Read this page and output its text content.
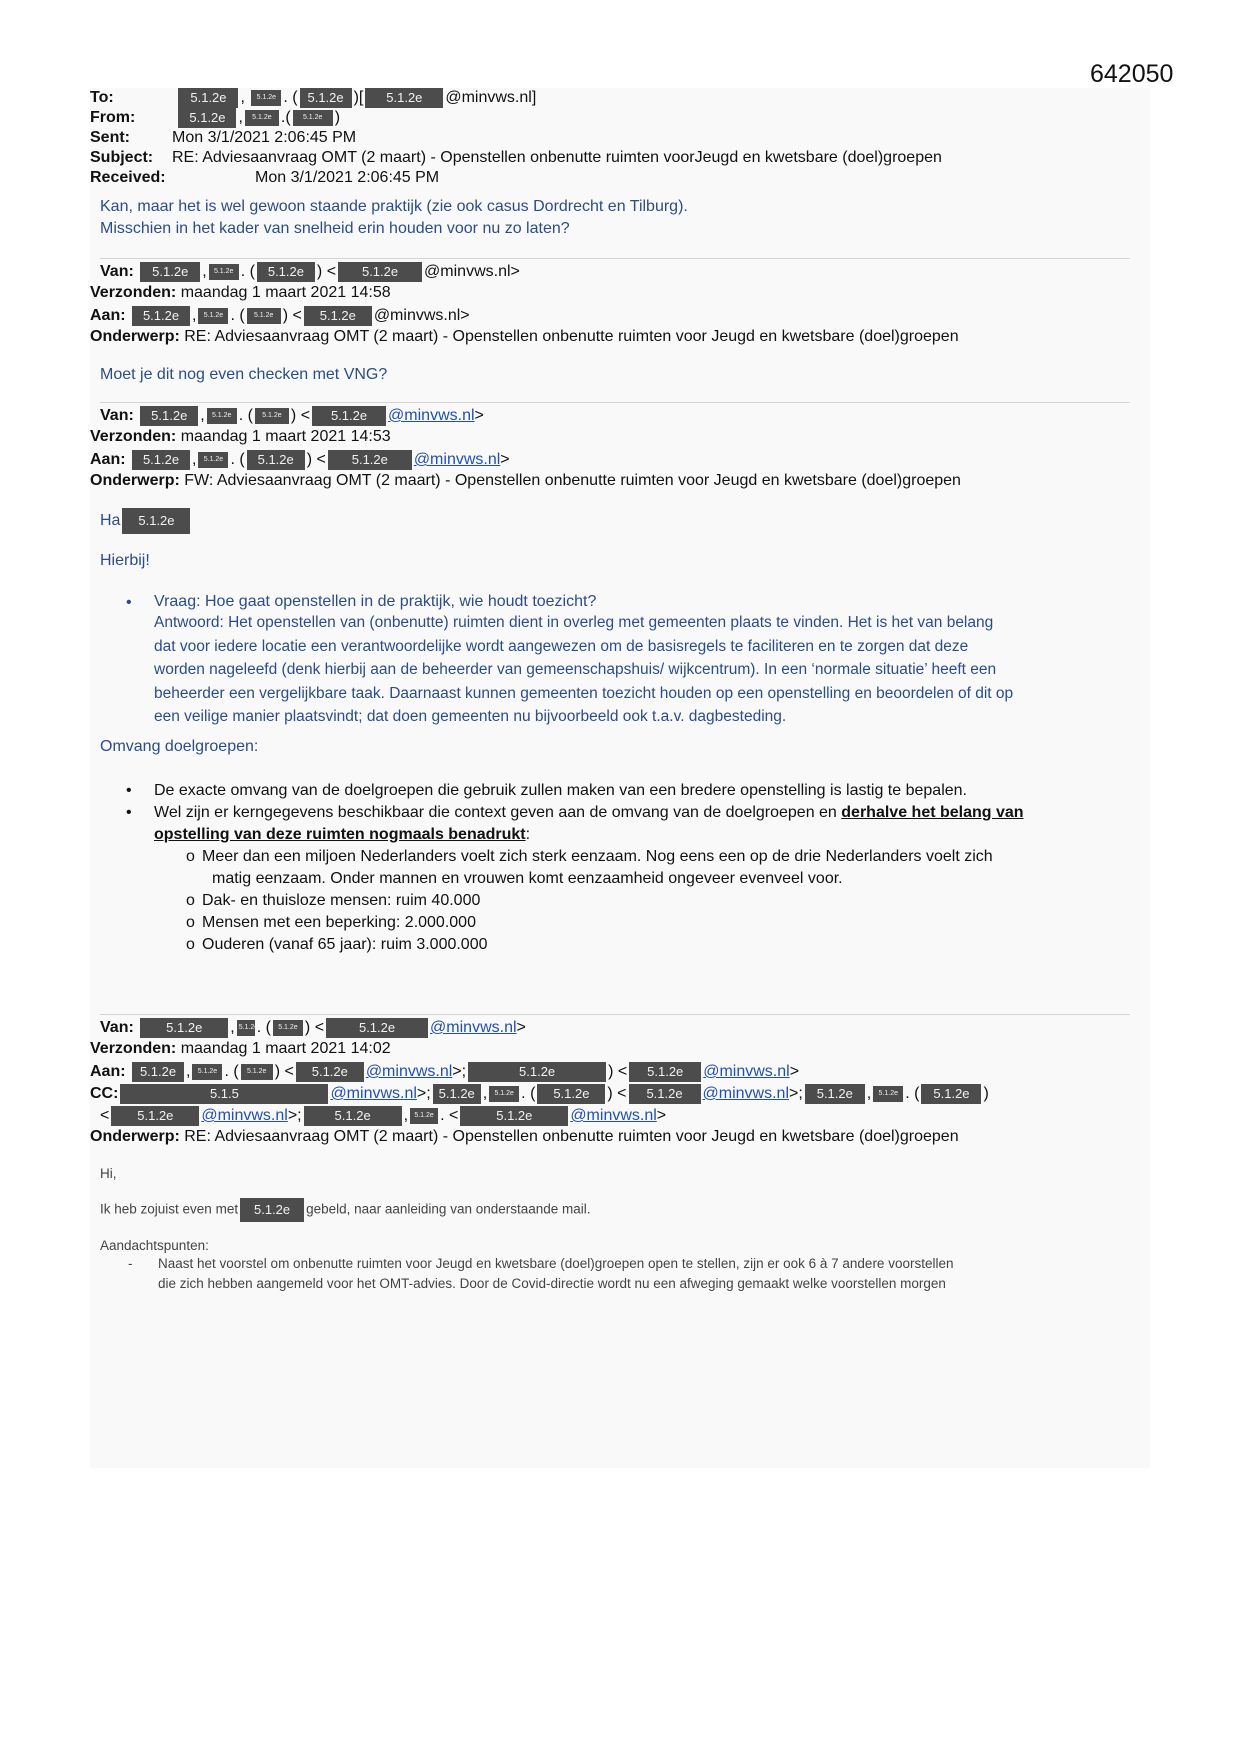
642050
To:	5.1.2e , 5.1.2e . ( 5.1.2e )[ 5.1.2e @minvws.nl]
From:	5.1.2e , 5.1.2e .( 5.1.2e )
Sent:	Mon 3/1/2021 2:06:45 PM
Subject: RE: Adviesaanvraag OMT (2 maart) - Openstellen onbenutte ruimten voorJeugd en kwetsbare (doel)groepen
Received:	Mon 3/1/2021 2:06:45 PM
Kan, maar het is wel gewoon staande praktijk (zie ook casus Dordrecht en Tilburg).
Misschien in het kader van snelheid erin houden voor nu zo laten?
Van: 5.1.2e , 5.1.2e . ( 5.1.2e ) < 5.1.2e @minvws.nl>
Verzonden: maandag 1 maart 2021 14:58
Aan: 5.1.2e , 5.1.2e . ( 5.1.2e ) < 5.1.2e @minvws.nl>
Onderwerp: RE: Adviesaanvraag OMT (2 maart) - Openstellen onbenutte ruimten voor Jeugd en kwetsbare (doel)groepen
Moet je dit nog even checken met VNG?
Van: 5.1.2e , 5.1.2e . ( 5.1.2e ) < 5.1.2e @minvws.nl>
Verzonden: maandag 1 maart 2021 14:53
Aan: 5.1.2e , 5.1.2e . ( 5.1.2e ) < 5.1.2e @minvws.nl>
Onderwerp: FW: Adviesaanvraag OMT (2 maart) - Openstellen onbenutte ruimten voor Jeugd en kwetsbare (doel)groepen
Ha 5.1.2e
Hierbij!
• Vraag: Hoe gaat openstellen in de praktijk, wie houdt toezicht?
Antwoord: Het openstellen van (onbenutte) ruimten dient in overleg met gemeenten plaats te vinden. Het is het van belang dat voor iedere locatie een verantwoordelijke wordt aangewezen om de basisregels te faciliteren en te zorgen dat deze worden nageleefd (denk hierbij aan de beheerder van gemeenschapshuis/ wijkcentrum). In een ‘normale situatie’ heeft een beheerder een vergelijkbare taak. Daarnaast kunnen gemeenten toezicht houden op een openstelling en beoordelen of dit op een veilige manier plaatsvindt; dat doen gemeenten nu bijvoorbeeld ook t.a.v. dagbesteding.
Omvang doelgroepen:
• De exacte omvang van de doelgroepen die gebruik zullen maken van een bredere openstelling is lastig te bepalen.
• Wel zijn er kerngegevens beschikbaar die context geven aan de omvang van de doelgroepen en derhalve het belang van
opstelling van deze ruimten nogmaals benadrukt:
o Meer dan een miljoen Nederlanders voelt zich sterk eenzaam. Nog eens een op de drie Nederlanders voelt zich
matig eenzaam. Onder mannen en vrouwen komt eenzaamheid ongeveer evenveel voor.
o Dak- en thuisloze mensen: ruim 40.000
o Mensen met een beperking: 2.000.000
o Ouderen (vanaf 65 jaar): ruim 3.000.000
Van: 5.1.2e , 5.1.2e. ( 5.1.2e ) <	5.1.2e @minvws.nl>
Verzonden: maandag 1 maart 2021 14:02
Aan: 5.1.2e , 5.1.2e . ( 5.1.2e ) < 5.1.2e @minvws.nl>;	5.1.2e	) < 5.1.2e @minvws.nl>
CC:	5.1.5	@minvws.nl>; 5.1.2e , 5.1.2e . ( 5.1.2e ) < 5.1.2e @minvws.nl>; 5.1.2e , 5.1.2e . ( 5.1.2e )
< 5.1.2e @minvws.nl>;	5.1.2e , 5.1.2e . <	5.1.2e @minvws.nl>
Onderwerp: RE: Adviesaanvraag OMT (2 maart) - Openstellen onbenutte ruimten voor Jeugd en kwetsbare (doel)groepen
Hi,
Ik heb zojuist even met 5.1.2e gebeld, naar aanleiding van onderstaande mail.
Aandachtspunten:
- Naast het voorstel om onbenutte ruimten voor Jeugd en kwetsbare (doel)groepen open te stellen, zijn er ook 6 à 7 andere voorstellen
die zich hebben aangemeld voor het OMT-advies. Door de Covid-directie wordt nu een afweging gemaakt welke voorstellen morgen
